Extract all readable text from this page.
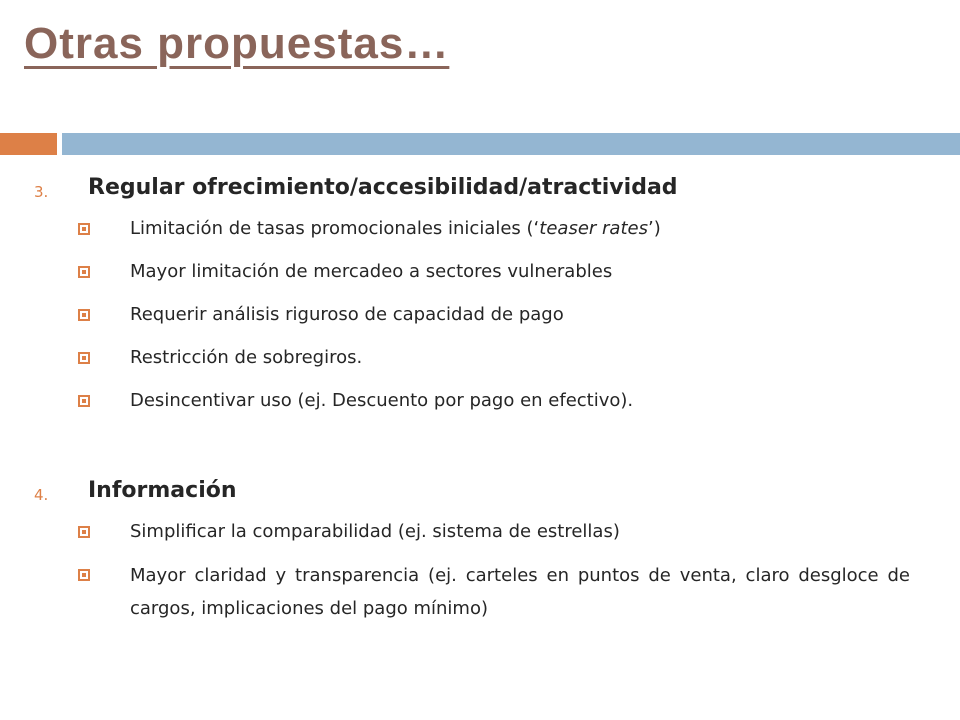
Otras propuestas…
3. Regular ofrecimiento/accesibilidad/atractividad
Limitación de tasas promocionales iniciales (‘teaser rates’)
Mayor limitación de mercadeo a sectores vulnerables
Requerir análisis riguroso de capacidad de pago
Restricción de sobregiros.
Desincentivar uso (ej. Descuento por pago en efectivo).
4. Información
Simplificar la comparabilidad (ej. sistema de estrellas)
Mayor claridad y transparencia (ej. carteles en puntos de venta, claro desgloce de cargos, implicaciones del pago mínimo)
